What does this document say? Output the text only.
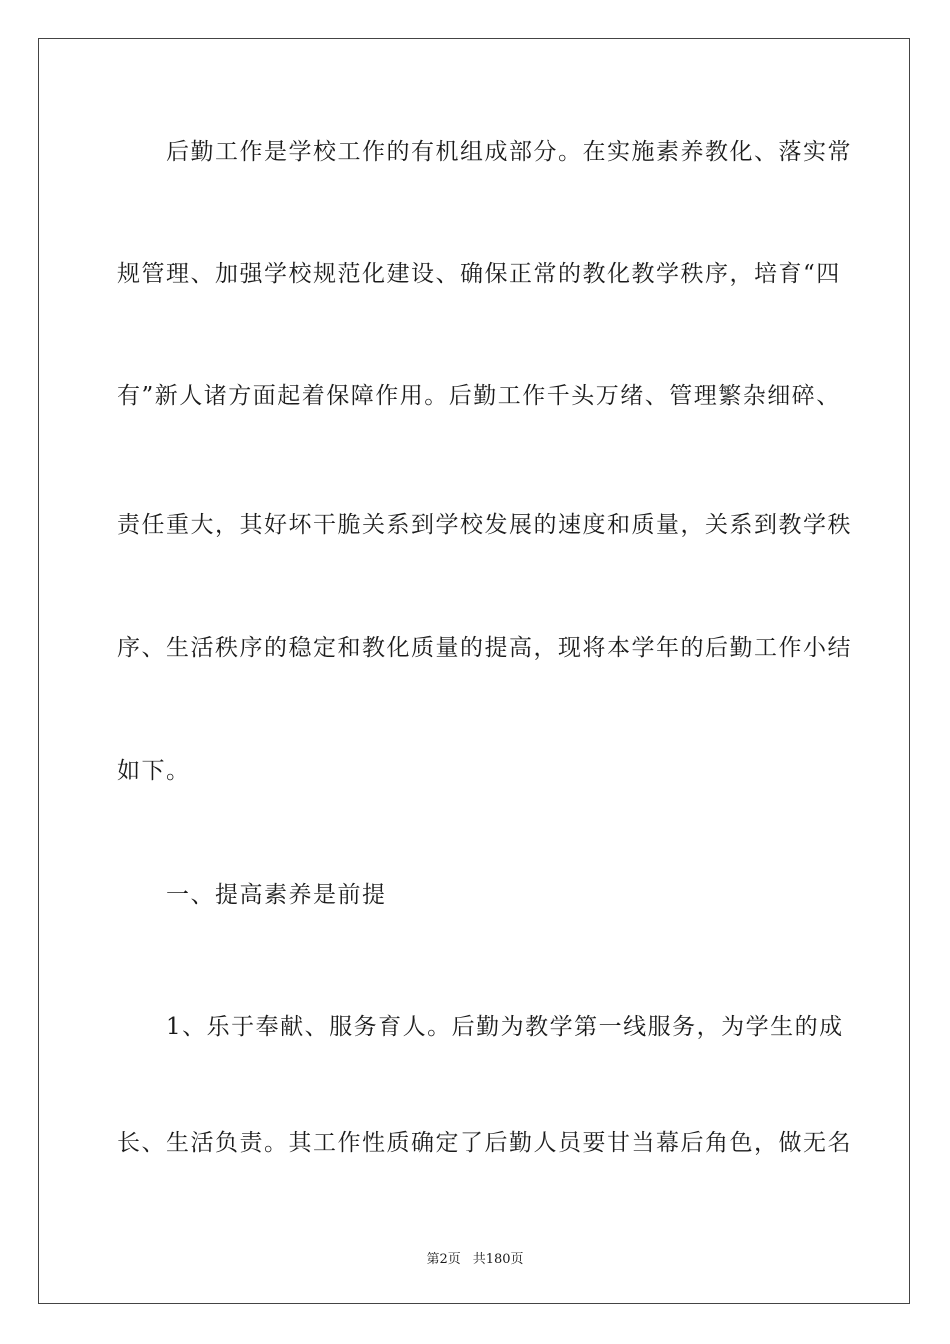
　　后勤工作是学校工作的有机组成部分。在实施素养教化、落实常
规管理、加强学校规范化建设、确保正常的教化教学秩序，培育“四
有”新人诸方面起着保障作用。后勤工作千头万绪、管理繁杂细碎、
责任重大，其好坏干脆关系到学校发展的速度和质量，关系到教学秩
序、生活秩序的稳定和教化质量的提高，现将本学年的后勤工作小结
如下。
　　一、提高素养是前提
　　1、乐于奉献、服务育人。后勤为教学第一线服务，为学生的成
长、生活负责。其工作性质确定了后勤人员要甘当幕后角色，做无名
第2页 共180页
